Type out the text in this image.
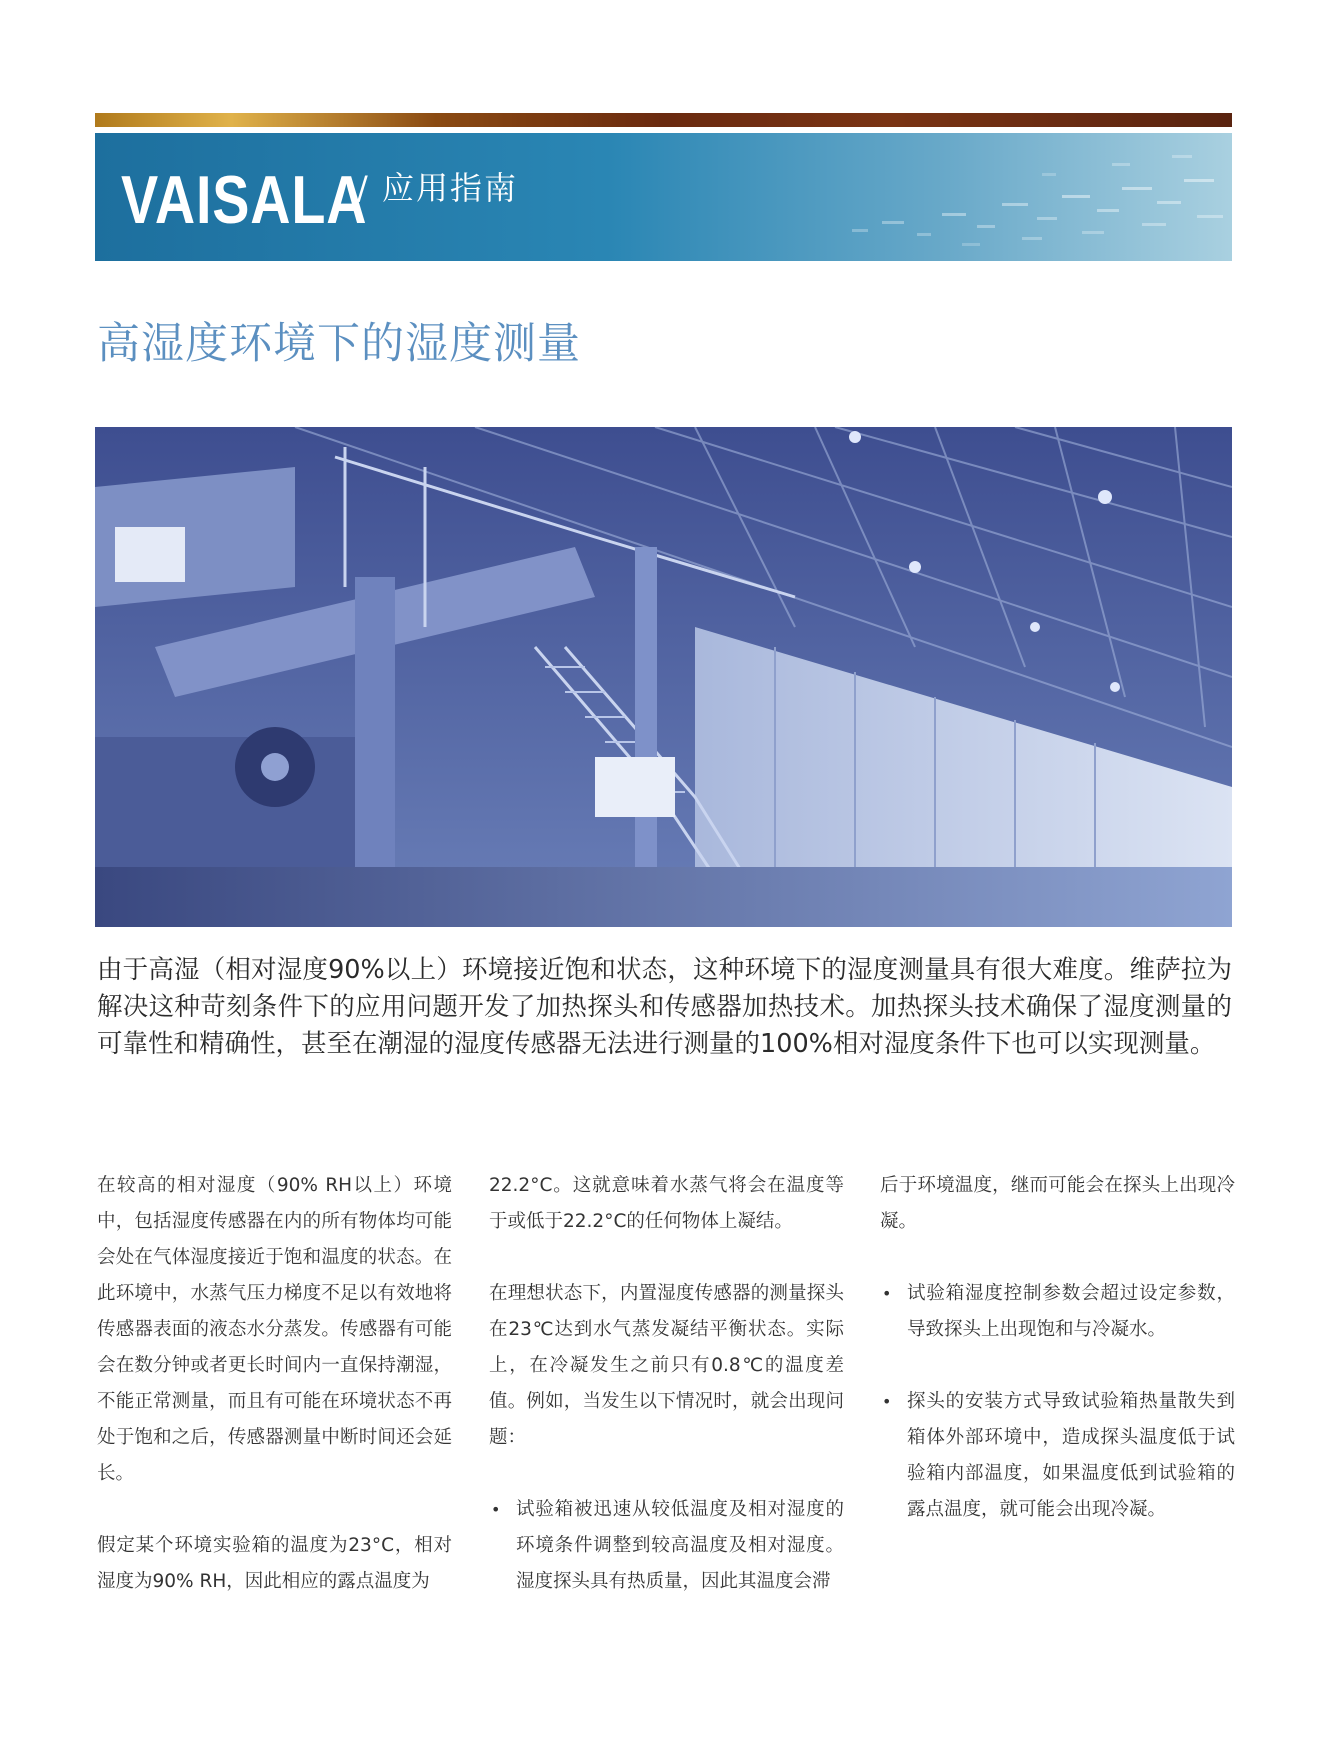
VAISALA
/ 应用指南
高湿度环境下的湿度测量

由于高湿（相对湿度90%以上）环境接近饱和状态，这种环境下的湿度测量具有很大难度。维萨拉为解决这种苛刻条件下的应用问题开发了加热探头和传感器加热技术。加热探头技术确保了湿度测量的可靠性和精确性，甚至在潮湿的湿度传感器无法进行测量的100%相对湿度条件下也可以实现测量。

在较高的相对湿度（90% RH以上）环境中，包括湿度传感器在内的所有物体均可能会处在气体湿度接近于饱和温度的状态。在此环境中，水蒸气压力梯度不足以有效地将传感器表面的液态水分蒸发。传感器有可能会在数分钟或者更长时间内一直保持潮湿，不能正常测量，而且有可能在环境状态不再处于饱和之后，传感器测量中断时间还会延长。

假定某个环境实验箱的温度为23°C，相对湿度为90% RH，因此相应的露点温度为

22.2°C。这就意味着水蒸气将会在温度等于或低于22.2°C的任何物体上凝结。

在理想状态下，内置湿度传感器的测量探头在23℃达到水气蒸发凝结平衡状态。实际上，在冷凝发生之前只有0.8℃的温度差值。例如，当发生以下情况时，就会出现问题：

• 试验箱被迅速从较低温度及相对湿度的环境条件调整到较高温度及相对湿度。湿度探头具有热质量，因此其温度会滞

后于环境温度，继而可能会在探头上出现冷凝。

• 试验箱湿度控制参数会超过设定参数，导致探头上出现饱和与冷凝水。
• 探头的安装方式导致试验箱热量散失到箱体外部环境中，造成探头温度低于试验箱内部温度，如果温度低到试验箱的露点温度，就可能会出现冷凝。
